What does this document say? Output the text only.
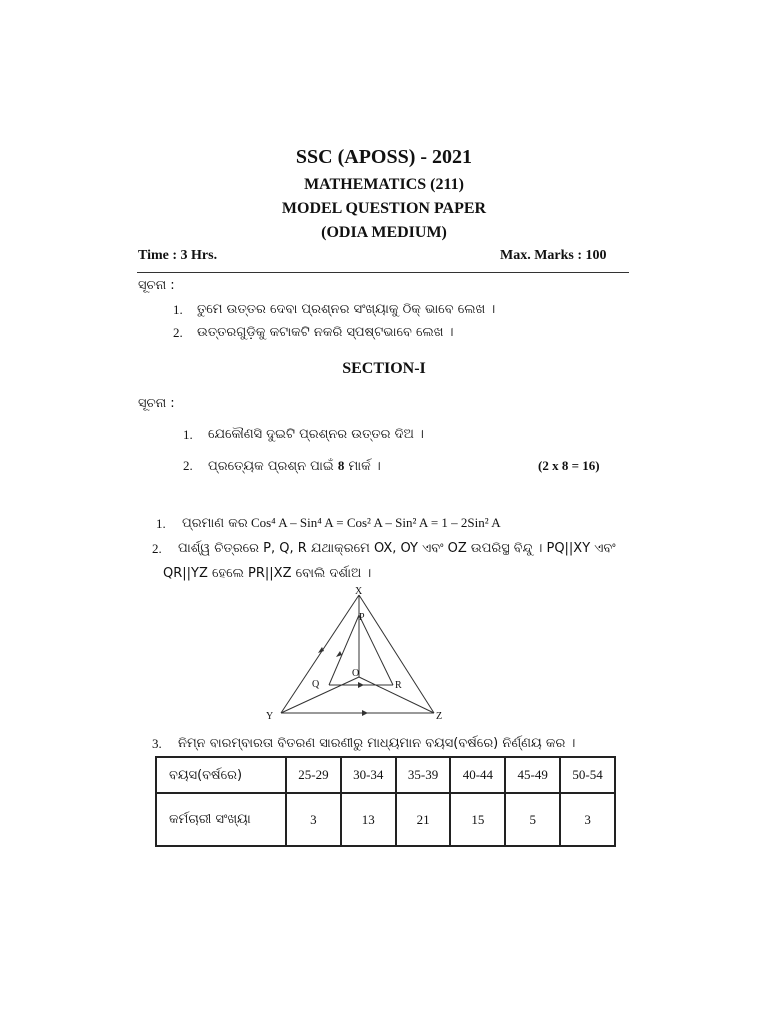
SSC (APOSS) - 2021
MATHEMATICS (211)
MODEL QUESTION PAPER
(ODIA MEDIUM)
Time : 3 Hrs.	Max. Marks : 100
ସୂଚନା :
1. ତୁମେ ଉତ୍ତର ଦେବା ପ୍ରଶ୍ନର ସଂଖ୍ୟାକୁ ଠିକ୍ ଭାବେ ଲେଖ ।
2. ଉତ୍ତରଗୁଡ଼ିକୁ କଟାକଟି ନକରି ସ୍ପଷ୍ଟଭାବେ ଲେଖ ।
SECTION-I
ସୂଚନା :
1. ଯେକୌଣସି ଦୁଇଟି ପ୍ରଶ୍ନର ଉତ୍ତର ଦିଅ ।
2. ପ୍ରତ୍ୟେକ ପ୍ରଶ୍ନ ପାଇଁ 8 ମାର୍କ ।	(2 x 8 = 16)
1. ପ୍ରମାଣ କର Cos⁴ A – Sin⁴ A = Cos² A – Sin² A = 1 – 2Sin² A
2. ପାର୍ଶ୍ୱ ଚିତ୍ରରେ P, Q, R ଯଥାକ୍ରମେ OX, OY ଏବଂ OZ ଉପରିସ୍ଥ ବିନ୍ଦୁ । PQ||XY ଏବଂ
QR||YZ ହେଲେ PR||XZ ବୋଲି ଦର୍ଶାଅ ।
X
Y	Z
P
Q	R
O
3. ନିମ୍ନ ବାରମ୍ବାରତା ବିତରଣ ସାରଣୀରୁ ମାଧ୍ୟମାନ ବୟସ(ବର୍ଷରେ) ନିର୍ଣ୍ଣୟ କର ।
ବୟସ(ବର୍ଷରେ)	25-29	30-34	35-39	40-44	45-49	50-54
କର୍ମଚାରୀ ସଂଖ୍ୟା	3	13	21	15	5	3
